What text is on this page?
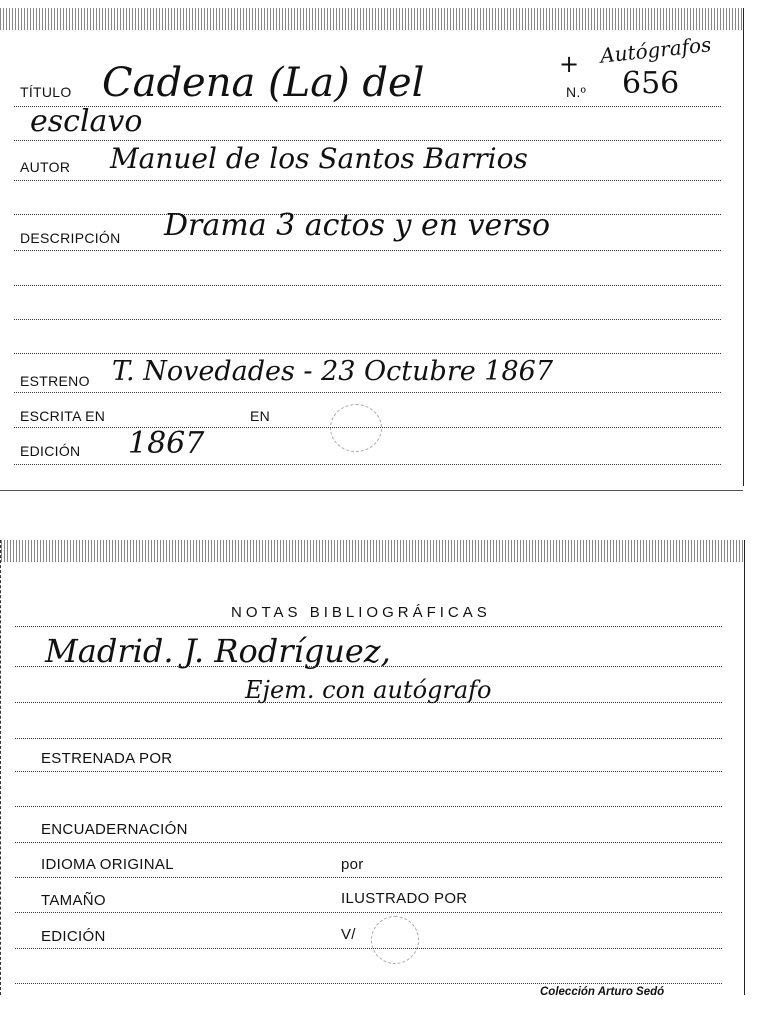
Autógrafos
+
N.º 656
TÍTULO Cadena (La) del
esclavo
AUTOR Manuel de los Santos Barrios
DESCRIPCIÓN Drama 3 actos y en verso
ESTRENO T. Novedades - 23 Octubre 1867
ESCRITA EN	EN
EDICIÓN 1867
NOTAS BIBLIOGRÁFICAS
Madrid. J. Rodríguez,
Ejem. con autógrafo
ESTRENADA POR
ENCUADERNACIÓN
IDIOMA ORIGINAL	por
TAMAÑO	ILUSTRADO POR
EDICIÓN	V/
Colección Arturo Sedó
